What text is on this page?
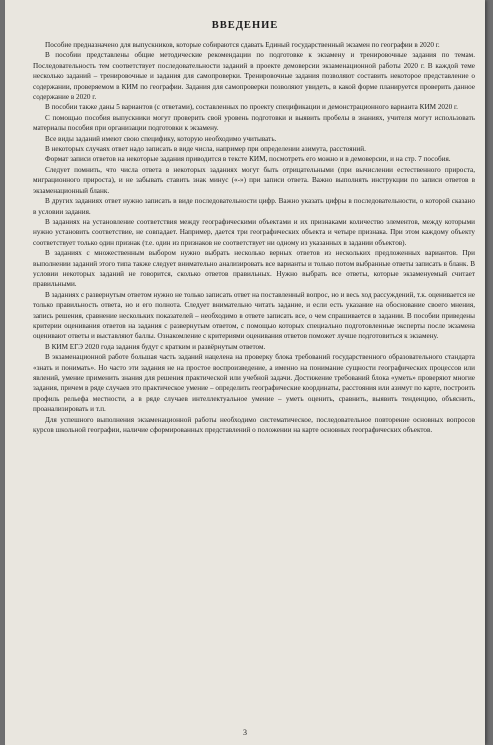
ВВЕДЕНИЕ

Пособие предназначено для выпускников, которые собираются сдавать Единый государственный экзамен по географии в 2020 г.

В пособии представлены общие методические рекомендации по подготовке к экзамену и тренировочные задания по темам. Последовательность тем соответствует последовательности заданий в проекте демоверсии экзаменационной работы 2020 г. В каждой теме несколько заданий – тренировочные и задания для самопроверки. Тренировочные задания позволяют составить некоторое представление о содержании, проверяемом в КИМ по географии. Задания для самопроверки позволяют увидеть, в какой форме планируется проверить данное содержание в 2020 г.

В пособии также даны 5 вариантов (с ответами), составленных по проекту спецификации и демонстрационного варианта КИМ 2020 г.

С помощью пособия выпускники могут проверить свой уровень подготовки и выявить пробелы в знаниях, учителя могут использовать материалы пособия при организации подготовки к экзамену.

Все виды заданий имеют свою специфику, которую необходимо учитывать.

В некоторых случаях ответ надо записать в виде числа, например при определении азимута, расстояний.

Формат записи ответов на некоторые задания приводится в тексте КИМ, посмотреть его можно и в демоверсии, и на стр. 7 пособия.

Следует помнить, что числа ответа в некоторых заданиях могут быть отрицательными (при вычислении естественного прироста, миграционного прироста), и не забывать ставить знак минус («-») при записи ответа. Важно выполнять инструкции по записи ответов в экзаменационный бланк.

В других заданиях ответ нужно записать в виде последовательности цифр. Важно указать цифры в последовательности, о которой сказано в условии задания.

В заданиях на установление соответствия между географическими объектами и их признаками количество элементов, между которыми нужно установить соответствие, не совпадает. Например, дается три географических объекта и четыре признака. При этом каждому объекту соответствует только один признак (т.е. один из признаков не соответствует ни одному из указанных в задании объектов).

В заданиях с множественным выбором нужно выбрать несколько верных ответов из нескольких предложенных вариантов. При выполнении заданий этого типа также следует внимательно анализировать все варианты и только потом выбранные ответы записать в бланк. В условии некоторых заданий не говорится, сколько ответов правильных. Нужно выбрать все ответы, которые экзаменуемый считает правильными.

В заданиях с развернутым ответом нужно не только записать ответ на поставленный вопрос, но и весь ход рассуждений, т.к. оценивается не только правильность ответа, но и его полнота. Следует внимательно читать задание, и если есть указание на обоснование своего мнения, запись решения, сравнение нескольких показателей – необходимо в ответе записать все, о чем спрашивается в задании. В пособии приведены критерии оценивания ответов на задания с развернутым ответом, с помощью которых специально подготовленные эксперты после экзамена оценивают ответы и выставляют баллы. Ознакомление с критериями оценивания ответов поможет лучше подготовиться к экзамену.

В КИМ ЕГЭ 2020 года задания будут с кратким и развёрнутым ответом.

В экзаменационной работе большая часть заданий нацелена на проверку блока требований государственного образовательного стандарта «знать и понимать». Но часто эти задания не на простое воспроизведение, а именно на понимание сущности географических процессов или явлений, умение применить знания для решения практической или учебной задачи. Достижение требований блока «уметь» проверяют многие задания, причем в ряде случаев это практическое умение – определить географические координаты, расстояния или азимут по карте, построить профиль рельефа местности, а в ряде случаев интеллектуальное умение – уметь оценить, сравнить, выявить тенденцию, объяснить, проанализировать и т.п.

Для успешного выполнения экзаменационной работы необходимо систематическое, последовательное повторение основных вопросов курсов школьной географии, наличие сформированных представлений о положении на карте основных географических объектов.

3
